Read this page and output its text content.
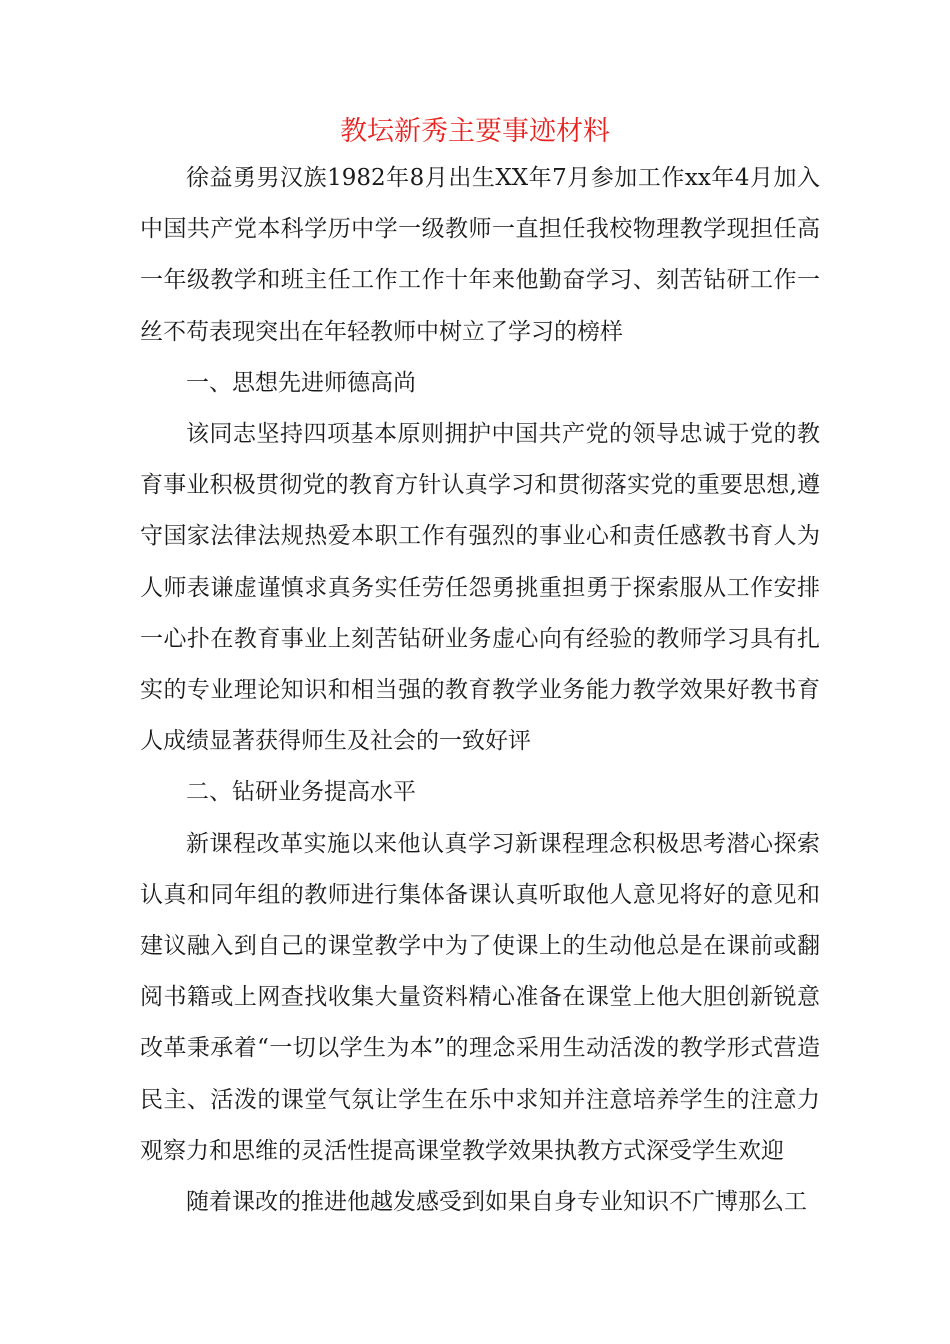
教坛新秀主要事迹材料

徐益勇男汉族1982年8月出生XX年7月参加工作xx年4月加入中国共产党本科学历中学一级教师一直担任我校物理教学现担任高一年级教学和班主任工作工作十年来他勤奋学习、刻苦钻研工作一丝不苟表现突出在年轻教师中树立了学习的榜样

一、思想先进师德高尚

该同志坚持四项基本原则拥护中国共产党的领导忠诚于党的教育事业积极贯彻党的教育方针认真学习和贯彻落实党的重要思想,遵守国家法律法规热爱本职工作有强烈的事业心和责任感教书育人为人师表谦虚谨慎求真务实任劳任怨勇挑重担勇于探索服从工作安排一心扑在教育事业上刻苦钻研业务虚心向有经验的教师学习具有扎实的专业理论知识和相当强的教育教学业务能力教学效果好教书育人成绩显著获得师生及社会的一致好评

二、钻研业务提高水平

新课程改革实施以来他认真学习新课程理念积极思考潜心探索认真和同年组的教师进行集体备课认真听取他人意见将好的意见和建议融入到自己的课堂教学中为了使课上的生动他总是在课前或翻阅书籍或上网查找收集大量资料精心准备在课堂上他大胆创新锐意改革秉承着“一切以学生为本”的理念采用生动活泼的教学形式营造民主、活泼的课堂气氛让学生在乐中求知并注意培养学生的注意力观察力和思维的灵活性提高课堂教学效果执教方式深受学生欢迎

随着课改的推进他越发感受到如果自身专业知识不广博那么工
